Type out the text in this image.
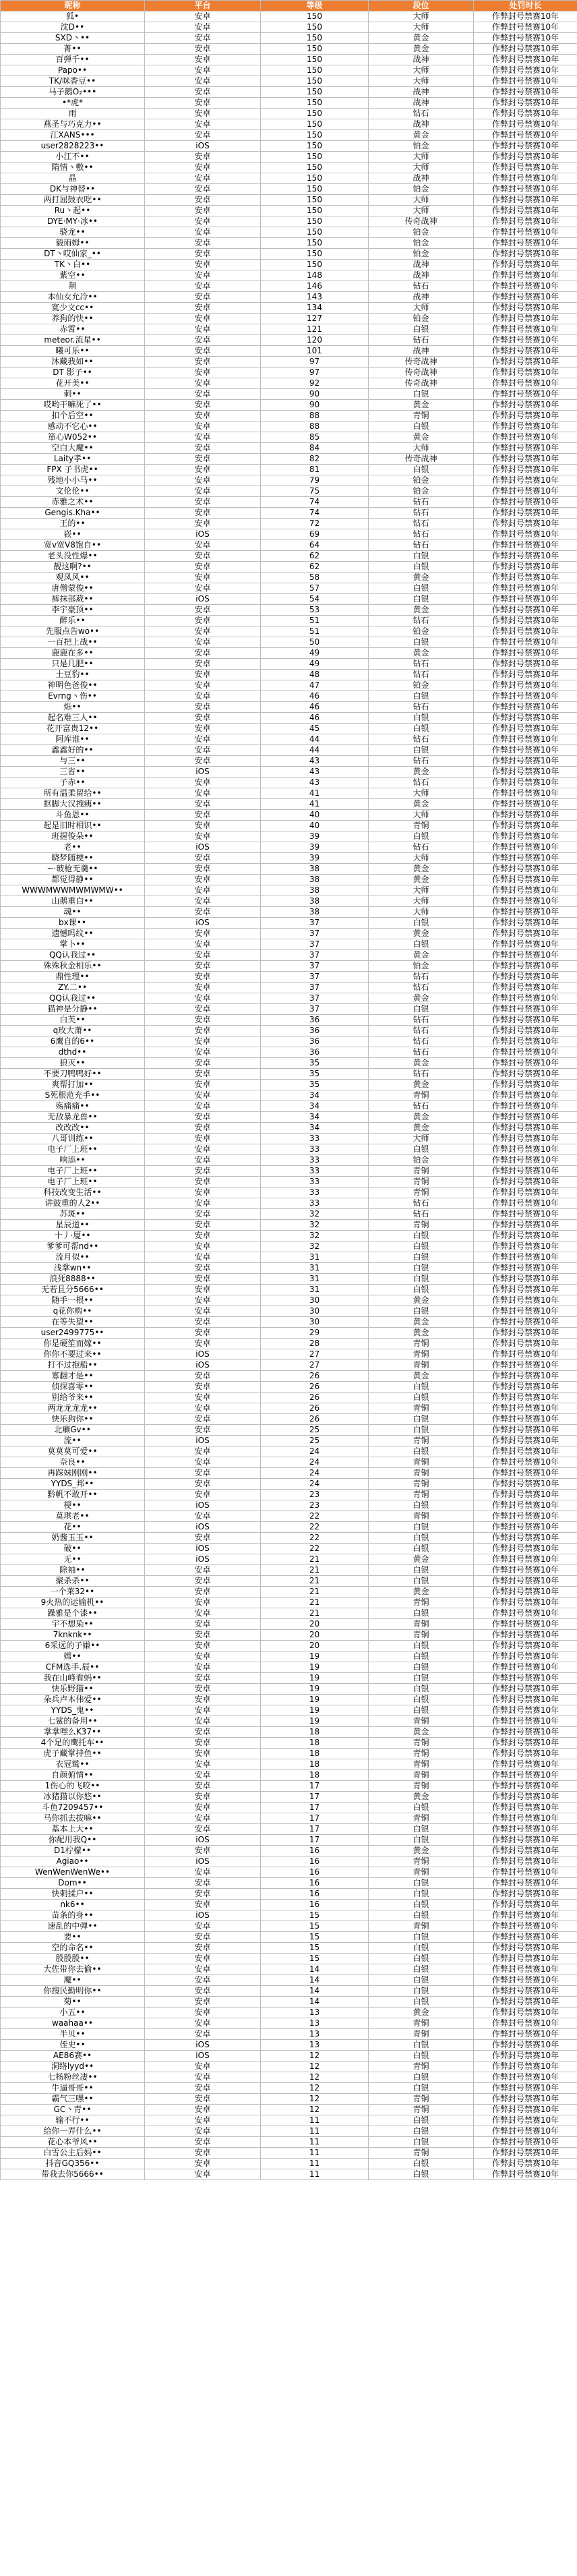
昵称	平台	等级	段位	处罚时长
狐•	安卓	150	大师	作弊封号禁赛10年
沈D••	安卓	150	大师	作弊封号禁赛10年
SXD丶••	安卓	150	黄金	作弊封号禁赛10年
菁••	安卓	150	黄金	作弊封号禁赛10年
百弹千••	安卓	150	战神	作弊封号禁赛10年
Papo••	安卓	150	大师	作弊封号禁赛10年
TK/咪香豆••	安卓	150	大师	作弊封号禁赛10年
马子鹅O₂•••	安卓	150	战神	作弊封号禁赛10年
•*虎*	安卓	150	战神	作弊封号禁赛10年
雨	安卓	150	钻石	作弊封号禁赛10年
燕圣与巧克力••	安卓	150	战神	作弊封号禁赛10年
江XANS•••	安卓	150	黄金	作弊封号禁赛10年
user2828223••	iOS	150	铂金	作弊封号禁赛10年
小江不••	安卓	150	大师	作弊封号禁赛10年
隋情丶敷••	安卓	150	大师	作弊封号禁赛10年
晶	安卓	150	战神	作弊封号禁赛10年
DK与神替••	安卓	150	铂金	作弊封号禁赛10年
两打屈鼓衣吃••	安卓	150	大师	作弊封号禁赛10年
Ru丶起••	安卓	150	大师	作弊封号禁赛10年
DYE·MY·冰••	安卓	150	传奇战神	作弊封号禁赛10年
骁龙••	安卓	150	铂金	作弊封号禁赛10年
毅雨姆••	安卓	150	铂金	作弊封号禁赛10年
DT丶哎仙家_••	安卓	150	铂金	作弊封号禁赛10年
TK丶白••	安卓	150	战神	作弊封号禁赛10年
紫空••	安卓	148	战神	作弊封号禁赛10年
荆	安卓	146	钻石	作弊封号禁赛10年
本仙女允冷••	安卓	143	战神	作弊封号禁赛10年
寞少文cc••	安卓	134	大师	作弊封号禁赛10年
养狗的快••	安卓	127	铂金	作弊封号禁赛10年
赤霄••	安卓	121	白银	作弊封号禁赛10年
meteor.流星••	安卓	120	钻石	作弊封号禁赛10年
曦可乐••	安卓	101	战神	作弊封号禁赛10年
沐藏我如••	安卓	97	传奇战神	作弊封号禁赛10年
DT 影子••	安卓	97	传奇战神	作弊封号禁赛10年
花开美••	安卓	92	传奇战神	作弊封号禁赛10年
刺••	安卓	90	白银	作弊封号禁赛10年
哎哟干嘛死了••	安卓	90	黄金	作弊封号禁赛10年
扣个后空••	安卓	88	青铜	作弊封号禁赛10年
感动不它心••	安卓	88	白银	作弊封号禁赛10年
箪心W052••	安卓	85	黄金	作弊封号禁赛10年
空白大魔••	安卓	84	大师	作弊封号禁赛10年
Laity孝••	安卓	82	传奇战神	作弊封号禁赛10年
FPX 子书虎••	安卓	81	白银	作弊封号禁赛10年
残地小小马••	安卓	79	铂金	作弊封号禁赛10年
文伦伦••	安卓	75	铂金	作弊封号禁赛10年
赤雅之术••	安卓	74	钻石	作弊封号禁赛10年
Gengis.Kha••	安卓	74	钻石	作弊封号禁赛10年
王的••	安卓	72	钻石	作弊封号禁赛10年
嵚••	iOS	69	钻石	作弊封号禁赛10年
宽v宽V8饱自••	安卓	64	钻石	作弊封号禁赛10年
老头没性爆••	安卓	62	白银	作弊封号禁赛10年
靓这啊?••	安卓	62	白银	作弊封号禁赛10年
观凤风••	安卓	58	黄金	作弊封号禁赛10年
唐僧蒙俊••	安卓	57	白银	作弊封号禁赛10年
裤抹部葳••	iOS	54	白银	作弊封号禁赛10年
李宇豪顶••	安卓	53	黄金	作弊封号禁赛10年
醉乐••	安卓	51	钻石	作弊封号禁赛10年
先服点告wo••	安卓	51	铂金	作弊封号禁赛10年
一百把上战••	安卓	50	白银	作弊封号禁赛10年
鹿鹿在多••	安卓	49	黄金	作弊封号禁赛10年
只是几肥••	安卓	49	钻石	作弊封号禁赛10年
土豆豹••	安卓	48	钻石	作弊封号禁赛10年
神明色爸俊••	安卓	47	铂金	作弊封号禁赛10年
Evrng丶伤••	安卓	46	白银	作弊封号禁赛10年
烁••	安卓	46	钻石	作弊封号禁赛10年
起名难三人••	安卓	46	白银	作弊封号禁赛10年
花开富贵12••	安卓	45	白银	作弊封号禁赛10年
阿库谁••	安卓	44	钻石	作弊封号禁赛10年
鑫鑫好的••	安卓	44	白银	作弊封号禁赛10年
与三••	安卓	43	钻石	作弊封号禁赛10年
三省••	iOS	43	黄金	作弊封号禁赛10年
子赤••	安卓	43	钻石	作弊封号禁赛10年
所有温柔留给••	安卓	41	大师	作弊封号禁赛10年
抠脚大汉拽痍••	安卓	41	黄金	作弊封号禁赛10年
斗鱼恩••	安卓	40	大师	作弊封号禁赛10年
起是旧时相识••	安卓	40	青铜	作弊封号禁赛10年
班握俊朵••	安卓	39	白银	作弊封号禁赛10年
老••	iOS	39	钻石	作弊封号禁赛10年
晓梦随梗••	安卓	39	大师	作弊封号禁赛10年
~·玻枪无羹••	安卓	38	黄金	作弊封号禁赛10年
都觉得静••	安卓	38	黄金	作弊封号禁赛10年
WWWMWWMWMWMW••	安卓	38	大师	作弊封号禁赛10年
山鹅重白••	安卓	38	大师	作弊封号禁赛10年
魂••	安卓	38	大师	作弊封号禁赛10年
bx课••	iOS	37	白银	作弊封号禁赛10年
遗憾吗纹••	安卓	37	黄金	作弊封号禁赛10年
掌卜••	安卓	37	白银	作弊封号禁赛10年
QQ认我过••	安卓	37	黄金	作弊封号禁赛10年
殊殊秋金相乐••	安卓	37	铂金	作弊封号禁赛10年
鼎性理••	安卓	37	钻石	作弊封号禁赛10年
ZY.二••	安卓	37	钻石	作弊封号禁赛10年
QQ认我过••	安卓	37	黄金	作弊封号禁赛10年
猫神是分静••	安卓	37	白银	作弊封号禁赛10年
白芙••	安卓	36	钻石	作弊封号禁赛10年
q玫大萧••	安卓	36	钻石	作弊封号禁赛10年
6鹰自的6••	安卓	36	钻石	作弊封号禁赛10年
dthd••	安卓	36	钻石	作弊封号禁赛10年
狼灭••	安卓	35	黄金	作弊封号禁赛10年
不要刀鸭鸭好••	安卓	35	钻石	作弊封号禁赛10年
爽帮打加••	安卓	35	黄金	作弊封号禁赛10年
S死根范充手••	安卓	34	青铜	作弊封号禁赛10年
殇痛痛••	安卓	34	钻石	作弊封号禁赛10年
无敌暴龙兽••	安卓	34	黄金	作弊封号禁赛10年
改改改••	安卓	34	黄金	作弊封号禁赛10年
八哥训练••	安卓	33	大师	作弊封号禁赛10年
电子厂上班••	安卓	33	白银	作弊封号禁赛10年
响添••	安卓	33	铂金	作弊封号禁赛10年
电子厂上班••	安卓	33	青铜	作弊封号禁赛10年
电子厂上班••	安卓	33	青铜	作弊封号禁赛10年
科技改变生活••	安卓	33	青铜	作弊封号禁赛10年
讲鼓重的人2••	安卓	33	钻石	作弊封号禁赛10年
苏斑••	安卓	32	钻石	作弊封号禁赛10年
星辰道••	安卓	32	青铜	作弊封号禁赛10年
十丿·厦••	安卓	32	白银	作弊封号禁赛10年
爹爹可帮nd••	安卓	32	白银	作弊封号禁赛10年
流月似••	安卓	31	白银	作弊封号禁赛10年
浅掌wn••	安卓	31	白银	作弊封号禁赛10年
浪死8888••	安卓	31	白银	作弊封号禁赛10年
无若且分5666••	安卓	31	白银	作弊封号禁赛10年
随手一根••	安卓	30	黄金	作弊封号禁赛10年
q花你购••	安卓	30	白银	作弊封号禁赛10年
在等失望••	安卓	30	黄金	作弊封号禁赛10年
user2499775••	安卓	29	黄金	作弊封号禁赛10年
你是硬笙而嫁••	安卓	28	青铜	作弊封号禁赛10年
你你不要过来••	iOS	27	青铜	作弊封号禁赛10年
打不过抱船••	iOS	27	青铜	作弊封号禁赛10年
寡翻才是••	安卓	26	黄金	作弊封号禁赛10年
侦探喜零••	安卓	26	白银	作弊封号禁赛10年
别给爷来••	安卓	26	白银	作弊封号禁赛10年
两龙龙龙龙••	安卓	26	青铜	作弊封号禁赛10年
快乐狗你••	安卓	26	白银	作弊封号禁赛10年
北癞Gv••	安卓	25	白银	作弊封号禁赛10年
流••	iOS	25	青铜	作弊封号禁赛10年
莫莫莫可爱••	安卓	24	白银	作弊封号禁赛10年
奈良••	安卓	24	青铜	作弊封号禁赛10年
再踩妹刚刚••	安卓	24	青铜	作弊封号禁赛10年
YYDS_邦••	安卓	24	青铜	作弊封号禁赛10年
黔帆不敢开••	安卓	23	青铜	作弊封号禁赛10年
梗••	iOS	23	白银	作弊封号禁赛10年
莫琪老••	安卓	22	青铜	作弊封号禁赛10年
花••	iOS	22	白银	作弊封号禁赛10年
奶酱玉玉••	安卓	22	白银	作弊封号禁赛10年
破••	iOS	22	白银	作弊封号禁赛10年
无••	iOS	21	黄金	作弊封号禁赛10年
除袖••	安卓	21	白银	作弊封号禁赛10年
聚杀杀••	安卓	21	白银	作弊封号禁赛10年
一个莱32••	安卓	21	黄金	作弊封号禁赛10年
9火热的运输机••	安卓	21	青铜	作弊封号禁赛10年
躁雅是个漆••	安卓	21	白银	作弊封号禁赛10年
宇不想染••	安卓	20	青铜	作弊封号禁赛10年
7knknk••	安卓	20	青铜	作弊封号禁赛10年
6采远的子嫌••	安卓	20	白银	作弊封号禁赛10年
嫦••	安卓	19	白银	作弊封号禁赛10年
CFM选手.辰••	安卓	19	白银	作弊封号禁赛10年
我在山峰看蚂••	安卓	19	白银	作弊封号禁赛10年
快乐野猫••	安卓	19	白银	作弊封号禁赛10年
朵兵卢本伟爱••	安卓	19	白银	作弊封号禁赛10年
YYDS_鬼••	安卓	19	白银	作弊封号禁赛10年
七鲨的备用••	安卓	19	青铜	作弊封号禁赛10年
掌掌嘿么K37••	安卓	18	黄金	作弊封号禁赛10年
4个足的鹰托车••	安卓	18	青铜	作弊封号禁赛10年
虎子藏掌持鱼••	安卓	18	青铜	作弊封号禁赛10年
衣冠鹫••	安卓	18	青铜	作弊封号禁赛10年
自颜俯情••	安卓	18	青铜	作弊封号禁赛10年
1伤心的飞咬••	安卓	17	青铜	作弊封号禁赛10年
冰猪猫以你悠••	安卓	17	黄金	作弊封号禁赛10年
斗鱼7209457••	安卓	17	白银	作弊封号禁赛10年
马你抓去拔嘛••	安卓	17	青铜	作弊封号禁赛10年
基本上大••	安卓	17	白银	作弊封号禁赛10年
你配用我Q••	iOS	17	白银	作弊封号禁赛10年
D1柠檬••	安卓	16	黄金	作弊封号禁赛10年
Agiao••	iOS	16	青铜	作弊封号禁赛10年
WenWenWenWe••	安卓	16	青铜	作弊封号禁赛10年
Dom••	安卓	16	白银	作弊封号禁赛10年
快刺揉户••	安卓	16	白银	作弊封号禁赛10年
nk6••	安卓	16	白银	作弊封号禁赛10年
苗条的身••	iOS	15	白银	作弊封号禁赛10年
速乱的中弹••	安卓	15	青铜	作弊封号禁赛10年
要••	安卓	15	白银	作弊封号禁赛10年
空的命名••	安卓	15	白银	作弊封号禁赛10年
殷殷殷••	安卓	15	白银	作弊封号禁赛10年
大佐带你去偷••	安卓	14	白银	作弊封号禁赛10年
魔••	安卓	14	白银	作弊封号禁赛10年
你搜民勤明你••	安卓	14	白银	作弊封号禁赛10年
菊••	安卓	14	白银	作弊封号禁赛10年
小五••	安卓	13	黄金	作弊封号禁赛10年
waahaa••	安卓	13	青铜	作弊封号禁赛10年
半贝••	安卓	13	青铜	作弊封号禁赛10年
侄史••	iOS	13	白银	作弊封号禁赛10年
AE86赛••	iOS	12	白银	作弊封号禁赛10年
洞络lyyd••	安卓	12	青铜	作弊封号禁赛10年
七杨粉丝凄••	安卓	12	白银	作弊封号禁赛10年
牛逼哥哥••	安卓	12	白银	作弊封号禁赛10年
霸气三嘿••	安卓	12	青铜	作弊封号禁赛10年
GC丶青••	安卓	12	青铜	作弊封号禁赛10年
输不行••	安卓	11	白银	作弊封号禁赛10年
给你一弄什么••	安卓	11	白银	作弊封号禁赛10年
花心本爷风••	安卓	11	白银	作弊封号禁赛10年
白雪公主后妈••	安卓	11	青铜	作弊封号禁赛10年
抖音GQ356••	安卓	11	白银	作弊封号禁赛10年
带我去你5666••	安卓	11	白银	作弊封号禁赛10年
